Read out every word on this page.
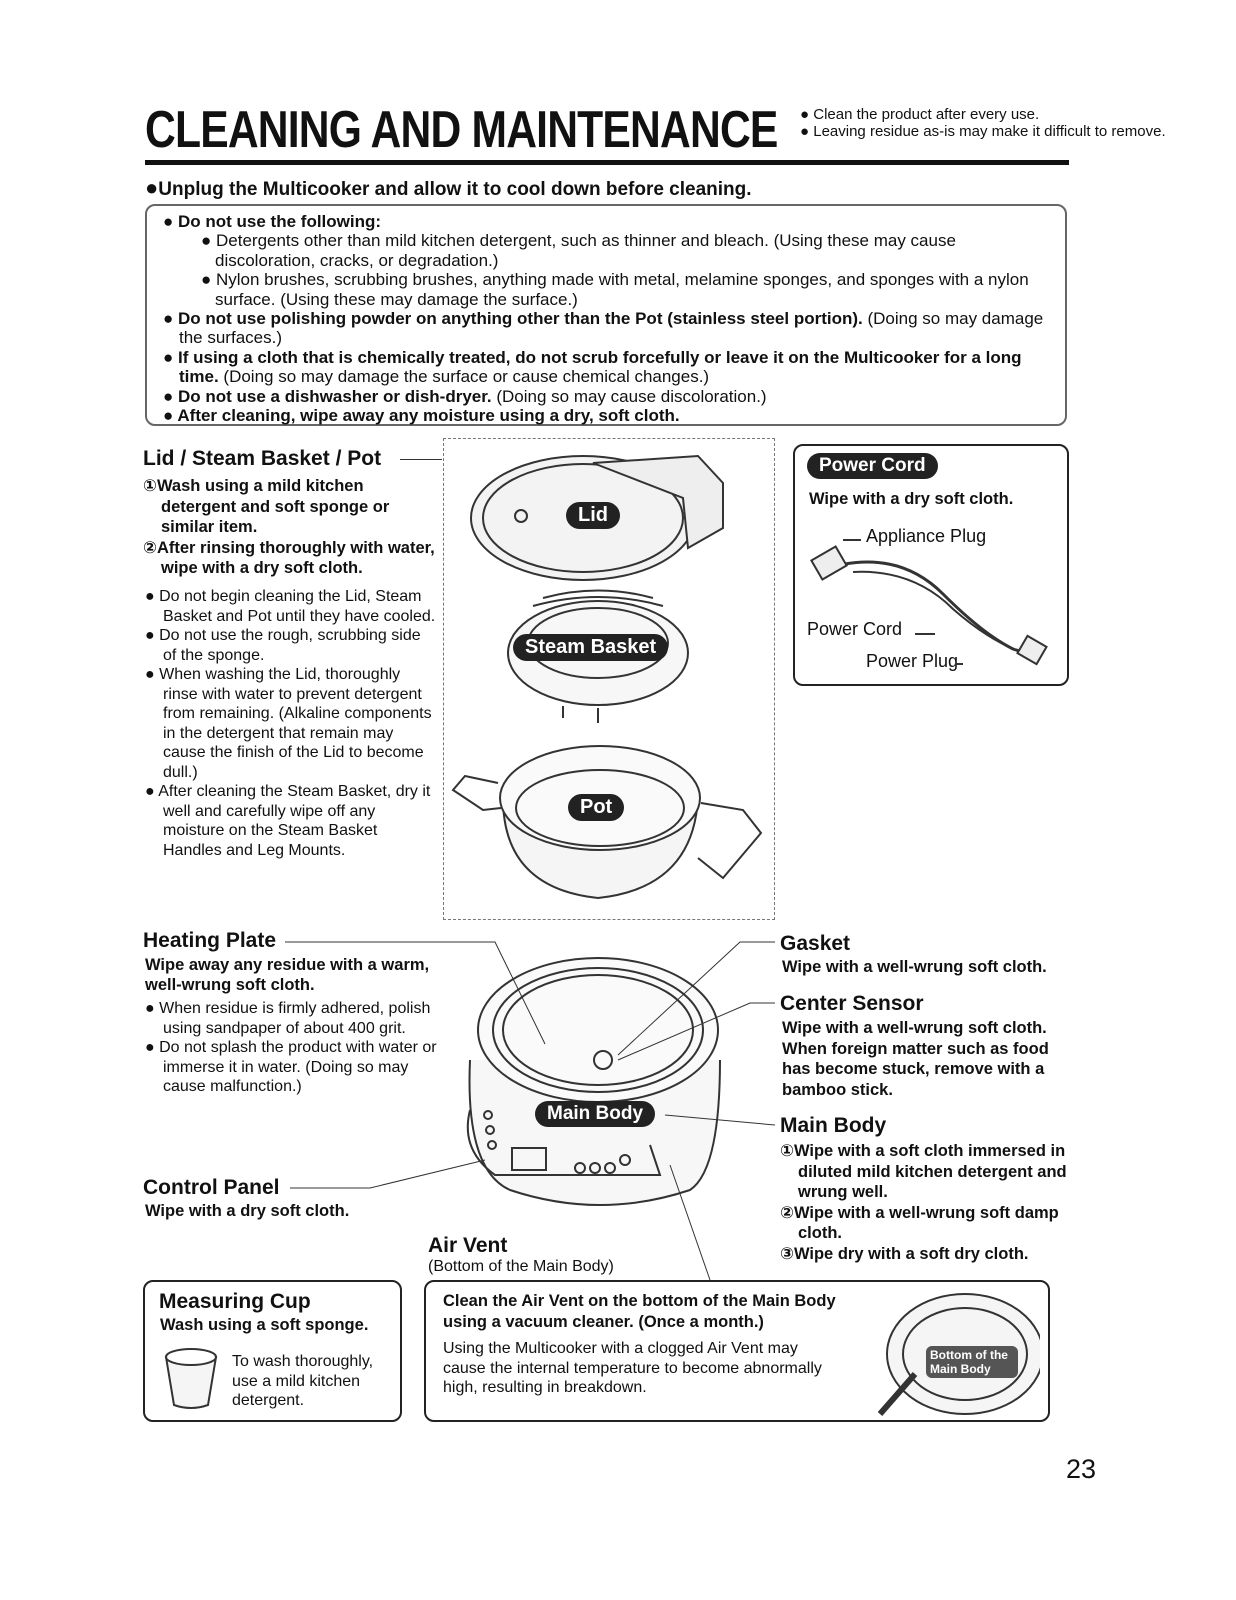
CLEANING AND MAINTENANCE ● Clean the product after every use.
● Leaving residue as-is may make it difficult to remove.
●Unplug the Multicooker and allow it to cool down before cleaning.
● Do not use the following:
● Detergents other than mild kitchen detergent, such as thinner and bleach. (Using these may cause discoloration, cracks, or degradation.)
● Nylon brushes, scrubbing brushes, anything made with metal, melamine sponges, and sponges with a nylon surface. (Using these may damage the surface.)
● Do not use polishing powder on anything other than the Pot (stainless steel portion). (Doing so may damage the surfaces.)
● If using a cloth that is chemically treated, do not scrub forcefully or leave it on the Multicooker for a long time. (Doing so may damage the surface or cause chemical changes.)
● Do not use a dishwasher or dish-dryer. (Doing so may cause discoloration.)
● After cleaning, wipe away any moisture using a dry, soft cloth.
Lid / Steam Basket / Pot
①Wash using a mild kitchen detergent and soft sponge or similar item.
②After rinsing thoroughly with water, wipe with a dry soft cloth.
● Do not begin cleaning the Lid, Steam Basket and Pot until they have cooled.
● Do not use the rough, scrubbing side of the sponge.
● When washing the Lid, thoroughly rinse with water to prevent detergent from remaining. (Alkaline components in the detergent that remain may cause the finish of the Lid to become dull.)
● After cleaning the Steam Basket, dry it well and carefully wipe off any moisture on the Steam Basket Handles and Leg Mounts.
Lid
Steam Basket
Pot
Power Cord
Wipe with a dry soft cloth.
Appliance Plug
Power Cord
Power Plug
Heating Plate
Wipe away any residue with a warm, well-wrung soft cloth.
● When residue is firmly adhered, polish using sandpaper of about 400 grit.
● Do not splash the product with water or immerse it in water. (Doing so may cause malfunction.)
Control Panel
Wipe with a dry soft cloth.
Main Body
Gasket
Wipe with a well-wrung soft cloth.
Center Sensor
Wipe with a well-wrung soft cloth. When foreign matter such as food has become stuck, remove with a bamboo stick.
Main Body
①Wipe with a soft cloth immersed in diluted mild kitchen detergent and wrung well.
②Wipe with a well-wrung soft damp cloth.
③Wipe dry with a soft dry cloth.
Air Vent
(Bottom of the Main Body)
Clean the Air Vent on the bottom of the Main Body using a vacuum cleaner. (Once a month.)
Using the Multicooker with a clogged Air Vent may cause the internal temperature to become abnormally high, resulting in breakdown.
Bottom of the Main Body
Measuring Cup
Wash using a soft sponge.
To wash thoroughly, use a mild kitchen detergent.
23
